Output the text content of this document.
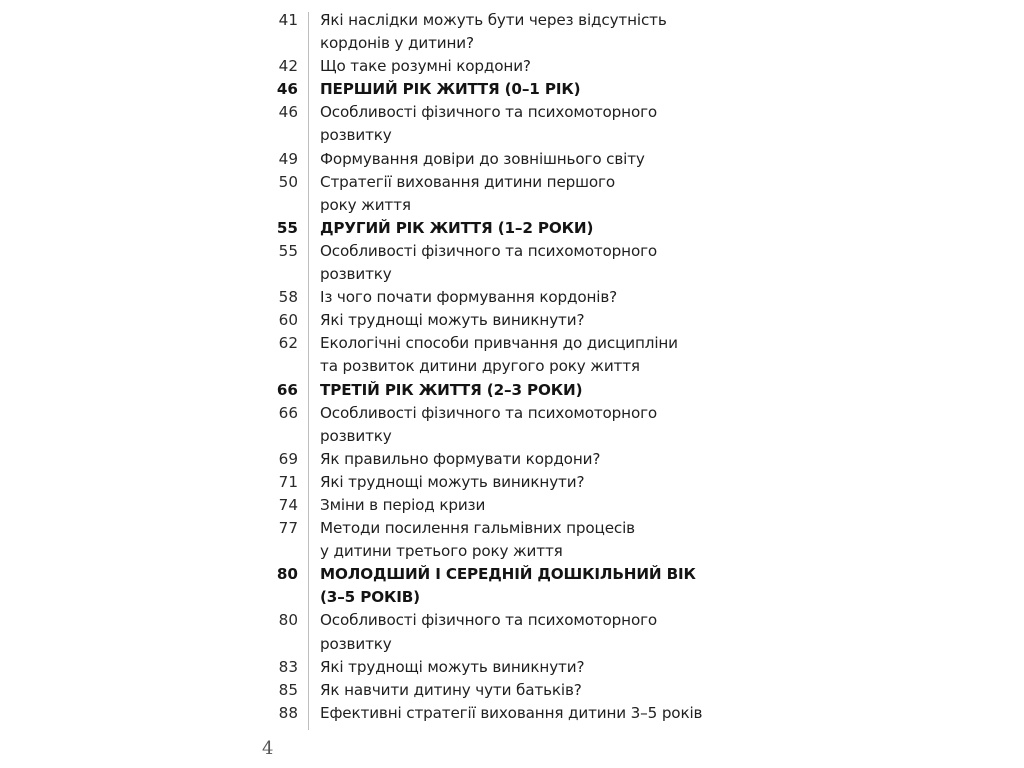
41 Які наслідки можуть бути через відсутність
кордонів у дитини?
42 Що таке розумні кордони?
46 ПЕРШИЙ РІК ЖИТТЯ (0–1 РІК)
46 Особливості фізичного та психомоторного
розвитку
49 Формування довіри до зовнішнього світу
50 Стратегії виховання дитини першого
року життя
55 ДРУГИЙ РІК ЖИТТЯ (1–2 РОКИ)
55 Особливості фізичного та психомоторного
розвитку
58 Із чого почати формування кордонів?
60 Які труднощі можуть виникнути?
62 Екологічні способи привчання до дисципліни
та розвиток дитини другого року життя
66 ТРЕТІЙ РІК ЖИТТЯ (2–3 РОКИ)
66 Особливості фізичного та психомоторного
розвитку
69 Як правильно формувати кордони?
71 Які труднощі можуть виникнути?
74 Зміни в період кризи
77 Методи посилення гальмівних процесів
у дитини третього року життя
80 МОЛОДШИЙ І СЕРЕДНІЙ ДОШКІЛЬНИЙ ВІК
(3–5 РОКІВ)
80 Особливості фізичного та психомоторного
розвитку
83 Які труднощі можуть виникнути?
85 Як навчити дитину чути батьків?
88 Ефективні стратегії виховання дитини 3–5 років
4
